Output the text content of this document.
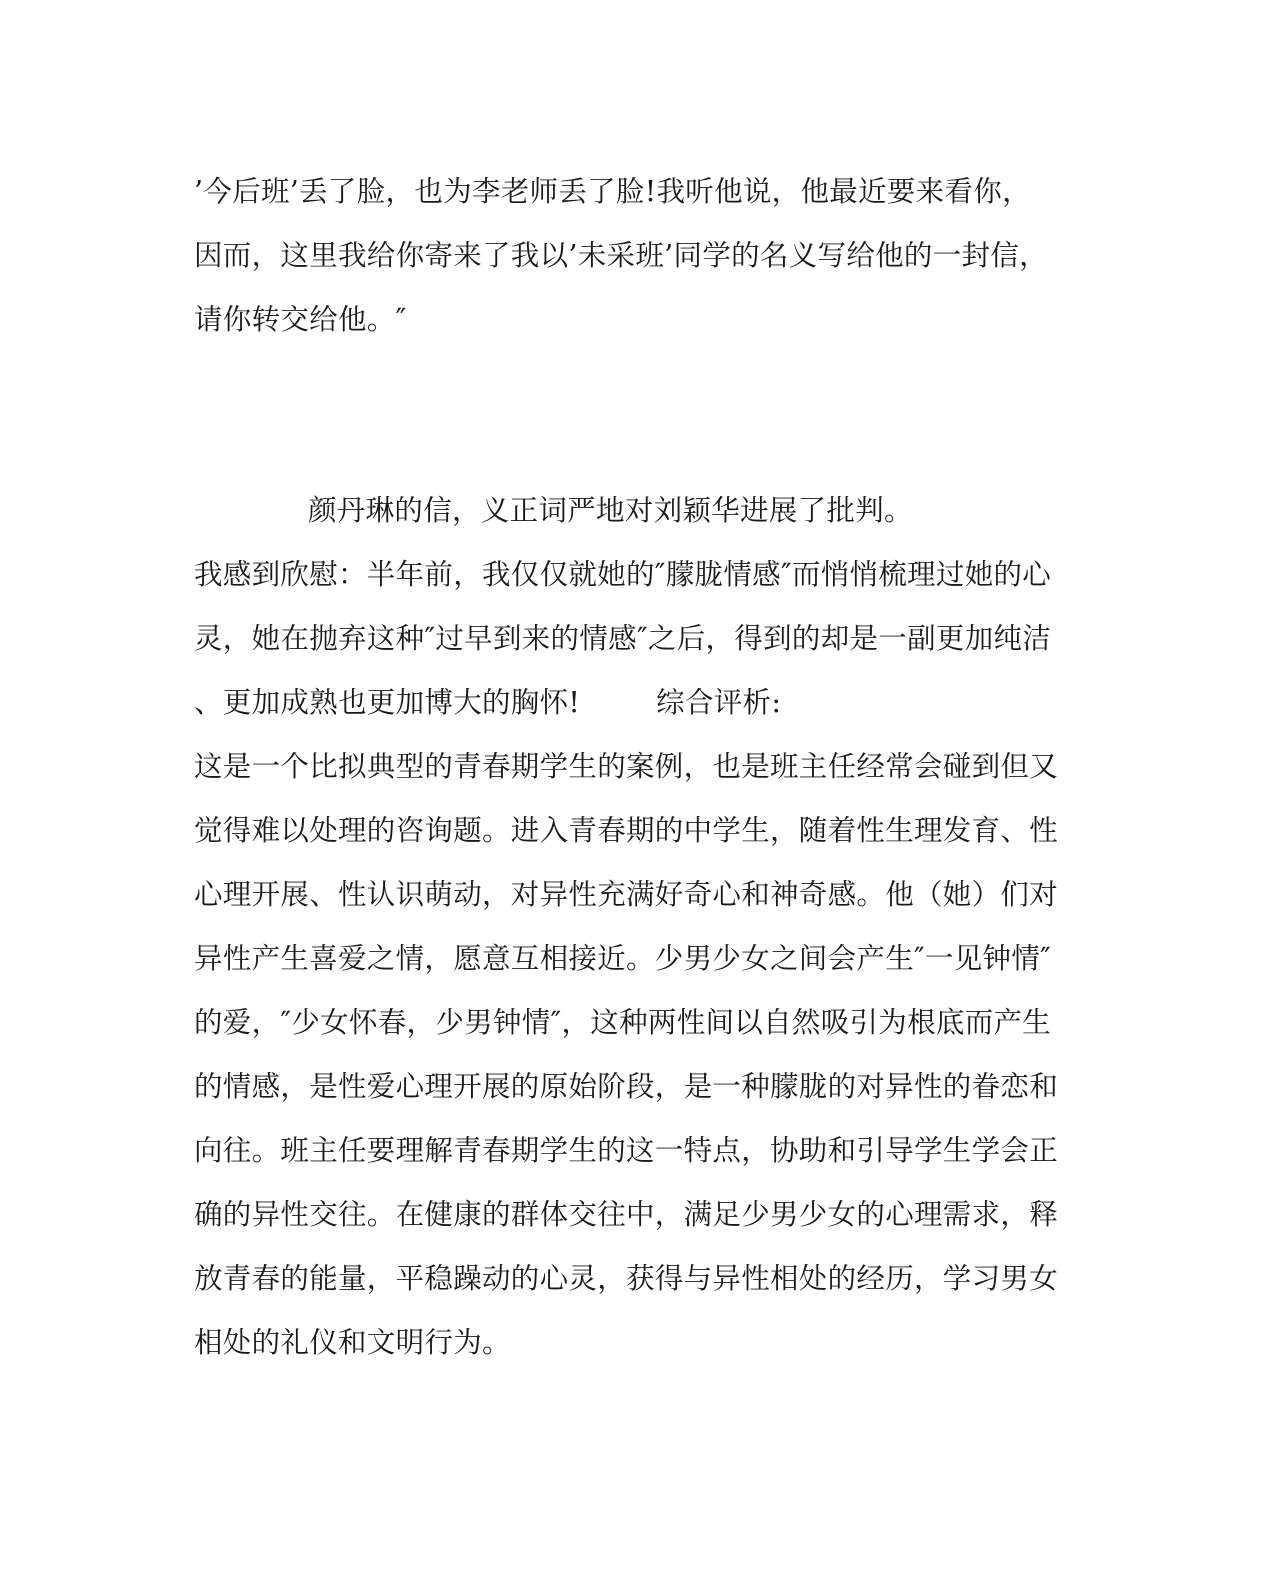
’今后班’丢了脸，也为李老师丢了脸!我听他说，他最近要来看你，
因而，这里我给你寄来了我以’未采班’同学的名义写给他的一封信，
请你转交给他。″
颜丹琳的信，义正词严地对刘颖华进展了批判。
我感到欣慰：半年前，我仅仅就她的″朦胧情感″而悄悄梳理过她的心
灵，她在抛弃这种″过早到来的情感″之后，得到的却是一副更加纯洁
、更加成熟也更加博大的胸怀!	综合评析:
这是一个比拟典型的青春期学生的案例，也是班主任经常会碰到但又
觉得难以处理的咨询题。进入青春期的中学生，随着性生理发育、性
心理开展、性认识萌动，对异性充满好奇心和神奇感。他（她）们对
异性产生喜爱之情，愿意互相接近。少男少女之间会产生″一见钟情″
的爱，″少女怀春，少男钟情″，这种两性间以自然吸引为根底而产生
的情感，是性爱心理开展的原始阶段，是一种朦胧的对异性的眷恋和
向往。班主任要理解青春期学生的这一特点，协助和引导学生学会正
确的异性交往。在健康的群体交往中，满足少男少女的心理需求，释
放青春的能量，平稳躁动的心灵，获得与异性相处的经历，学习男女
相处的礼仪和文明行为。
